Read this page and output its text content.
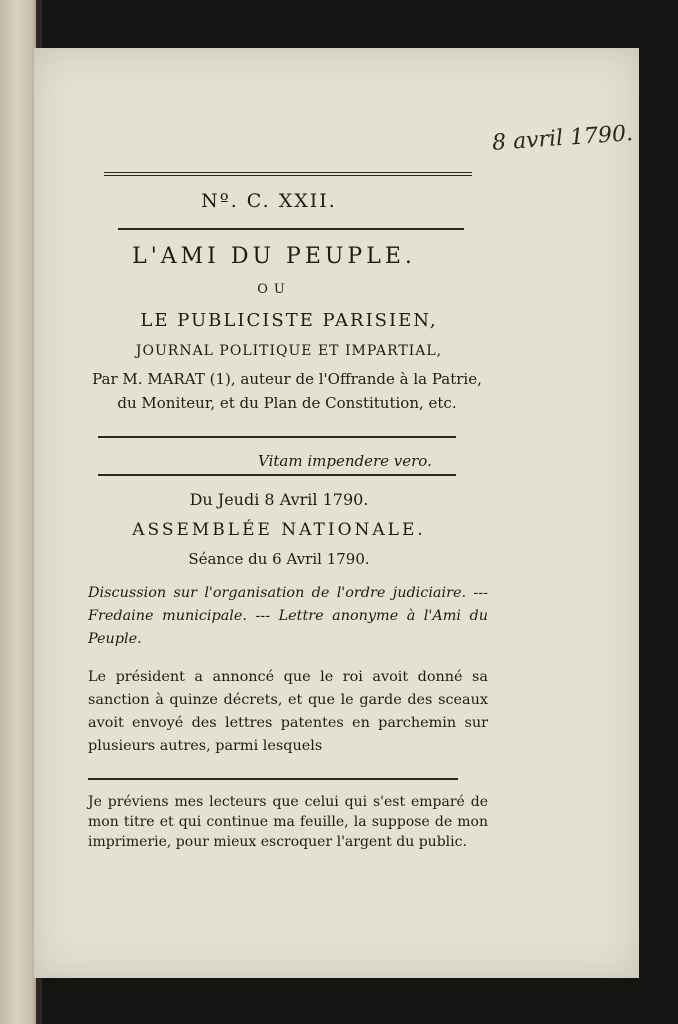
8 avril 1790.
Nº. C. XXII.
L'AMI DU PEUPLE.
OU
LE PUBLICISTE PARISIEN,
JOURNAL POLITIQUE ET IMPARTIAL,
Par M. MARAT (1), auteur de l'Offrande à la Patrie,
du Moniteur, et du Plan de Constitution, etc.
Vitam impendere vero.
Du Jeudi 8 Avril 1790.
ASSEMBLÉE NATIONALE.
Séance du 6 Avril 1790.
Discussion sur l'organisation de l'ordre judiciaire. --- Fredaine municipale. --- Lettre anonyme à l'Ami du Peuple.
Le président a annoncé que le roi avoit donné sa sanction à quinze décrets, et que le garde des sceaux avoit envoyé des lettres patentes en parchemin sur plusieurs autres, parmi lesquels
Je préviens mes lecteurs que celui qui s'est emparé de mon titre et qui continue ma feuille, la suppose de mon imprimerie, pour mieux escroquer l'argent du public.
